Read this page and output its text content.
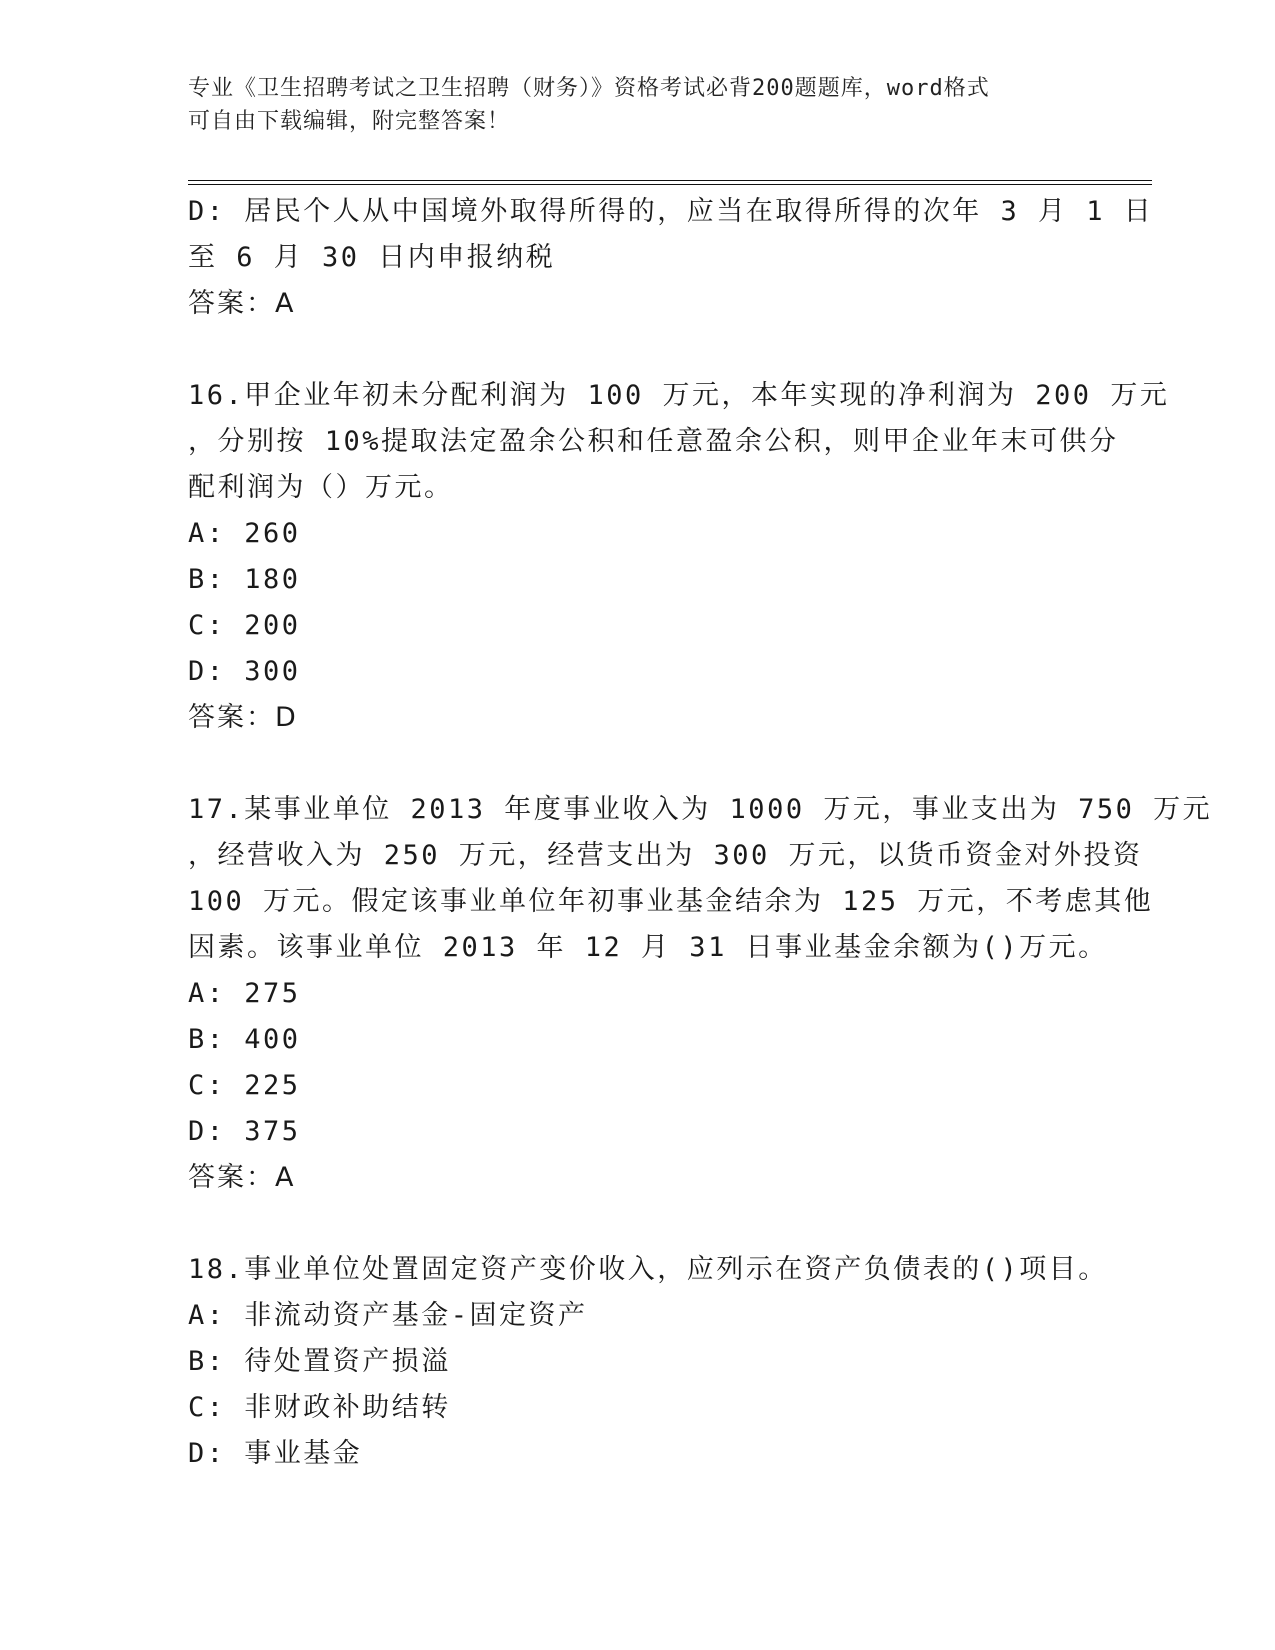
专业《卫生招聘考试之卫生招聘（财务）》资格考试必背200题题库，word格式
可自由下载编辑，附完整答案！
D: 居民个人从中国境外取得所得的，应当在取得所得的次年 3 月 1 日
至 6 月 30 日内申报纳税
答案：A
16.甲企业年初未分配利润为 100 万元，本年实现的净利润为 200 万元
，分别按 10%提取法定盈余公积和任意盈余公积，则甲企业年末可供分
配利润为（）万元。
A: 260
B: 180
C: 200
D: 300
答案：D
17.某事业单位 2013 年度事业收入为 1000 万元，事业支出为 750 万元
，经营收入为 250 万元，经营支出为 300 万元，以货币资金对外投资
100 万元。假定该事业单位年初事业基金结余为 125 万元，不考虑其他
因素。该事业单位 2013 年 12 月 31 日事业基金余额为()万元。
A: 275
B: 400
C: 225
D: 375
答案：A
18.事业单位处置固定资产变价收入，应列示在资产负债表的()项目。
A: 非流动资产基金-固定资产
B: 待处置资产损溢
C: 非财政补助结转
D: 事业基金
